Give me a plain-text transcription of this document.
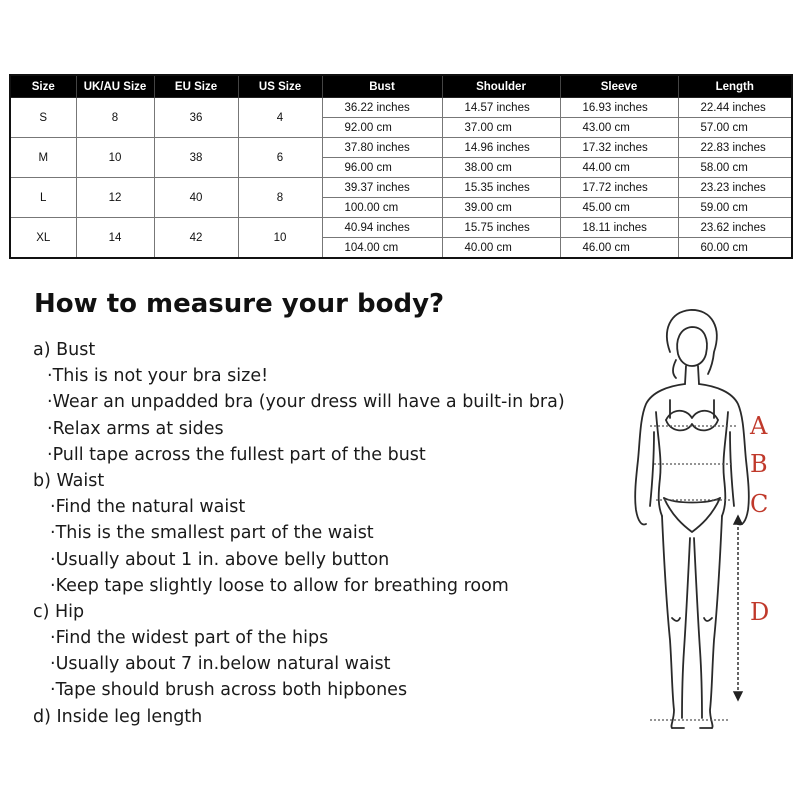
Size	UK/AU Size	EU Size	US Size	Bust	Shoulder	Sleeve	Length
S	8	36	4	36.22 inches	14.57 inches	16.93 inches	22.44 inches
				92.00 cm	37.00 cm	43.00 cm	57.00 cm
M	10	38	6	37.80 inches	14.96 inches	17.32 inches	22.83 inches
				96.00 cm	38.00 cm	44.00 cm	58.00 cm
L	12	40	8	39.37 inches	15.35 inches	17.72 inches	23.23 inches
				100.00 cm	39.00 cm	45.00 cm	59.00 cm
XL	14	42	10	40.94 inches	15.75 inches	18.11 inches	23.62 inches
				104.00 cm	40.00 cm	46.00 cm	60.00 cm
How to measure your body?
a) Bust
·This is not your bra size!
·Wear an unpadded bra (your dress will have a built-in bra)
·Relax arms at sides
·Pull tape across the fullest part of the bust
b) Waist
·Find the natural waist
·This is the smallest part of the waist
·Usually about 1 in. above belly button
·Keep tape slightly loose to allow for breathing room
c) Hip
·Find the widest part of the hips
·Usually about 7 in.below natural waist
·Tape should brush across both hipbones
d) Inside leg length
A
B
C
D
